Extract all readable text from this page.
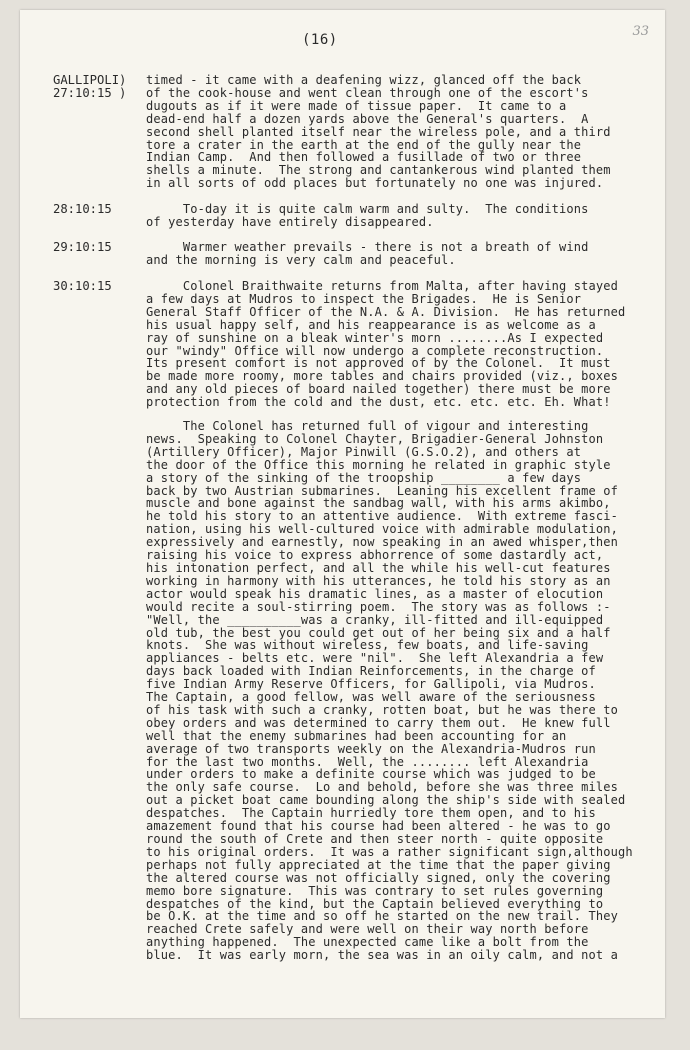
(16)
33
GALLIPOLI)
27:10:15 )
timed - it came with a deafening wizz, glanced off the back
of the cook-house and went clean through one of the escort's
dugouts as if it were made of tissue paper.  It came to a
dead-end half a dozen yards above the General's quarters.  A
second shell planted itself near the wireless pole, and a third
tore a crater in the earth at the end of the gully near the
Indian Camp.  And then followed a fusillade of two or three
shells a minute.  The strong and cantankerous wind planted them
in all sorts of odd places but fortunately no one was injured.
28:10:15	To-day it is quite calm warm and sulty.  The conditions
of yesterday have entirely disappeared.
29:10:15	Warmer weather prevails - there is not a breath of wind
and the morning is very calm and peaceful.
30:10:15	Colonel Braithwaite returns from Malta, after having stayed
a few days at Mudros to inspect the Brigades.  He is Senior
General Staff Officer of the N.A. & A. Division.  He has returned
his usual happy self, and his reappearance is as welcome as a
ray of sunshine on a bleak winter's morn ........As I expected
our "windy" Office will now undergo a complete reconstruction.
Its present comfort is not approved of by the Colonel.  It must
be made more roomy, more tables and chairs provided (viz., boxes
and any old pieces of board nailed together) there must be more
protection from the cold and the dust, etc. etc. etc. Eh. What!
The Colonel has returned full of vigour and interesting
news.  Speaking to Colonel Chayter, Brigadier-General Johnston
(Artillery Officer), Major Pinwill (G.S.O.2), and others at
the door of the Office this morning he related in graphic style
a story of the sinking of the troopship ________ a few days
back by two Austrian submarines.  Leaning his excellent frame of
muscle and bone against the sandbag wall, with his arms akimbo,
he told his story to an attentive audience.  With extreme fasci-
nation, using his well-cultured voice with admirable modulation,
expressively and earnestly, now speaking in an awed whisper,then
raising his voice to express abhorrence of some dastardly act,
his intonation perfect, and all the while his well-cut features
working in harmony with his utterances, he told his story as an
actor would speak his dramatic lines, as a master of elocution
would recite a soul-stirring poem.  The story was as follows :-
"Well, the __________was a cranky, ill-fitted and ill-equipped
old tub, the best you could get out of her being six and a half
knots.  She was without wireless, few boats, and life-saving
appliances - belts etc. were "nil".  She left Alexandria a few
days back loaded with Indian Reinforcements, in the charge of
five Indian Army Reserve Officers, for Gallipoli, via Mudros.
The Captain, a good fellow, was well aware of the seriousness
of his task with such a cranky, rotten boat, but he was there to
obey orders and was determined to carry them out.  He knew full
well that the enemy submarines had been accounting for an
average of two transports weekly on the Alexandria-Mudros run
for the last two months.  Well, the ........ left Alexandria
under orders to make a definite course which was judged to be
the only safe course.  Lo and behold, before she was three miles
out a picket boat came bounding along the ship's side with sealed
despatches.  The Captain hurriedly tore them open, and to his
amazement found that his course had been altered - he was to go
round the south of Crete and then steer north - quite opposite
to his original orders.  It was a rather significant sign,although
perhaps not fully appreciated at the time that the paper giving
the altered course was not officially signed, only the covering
memo bore signature.  This was contrary to set rules governing
despatches of the kind, but the Captain believed everything to
be O.K. at the time and so off he started on the new trail. They
reached Crete safely and were well on their way north before
anything happened.  The unexpected came like a bolt from the
blue.  It was early morn, the sea was in an oily calm, and not a
